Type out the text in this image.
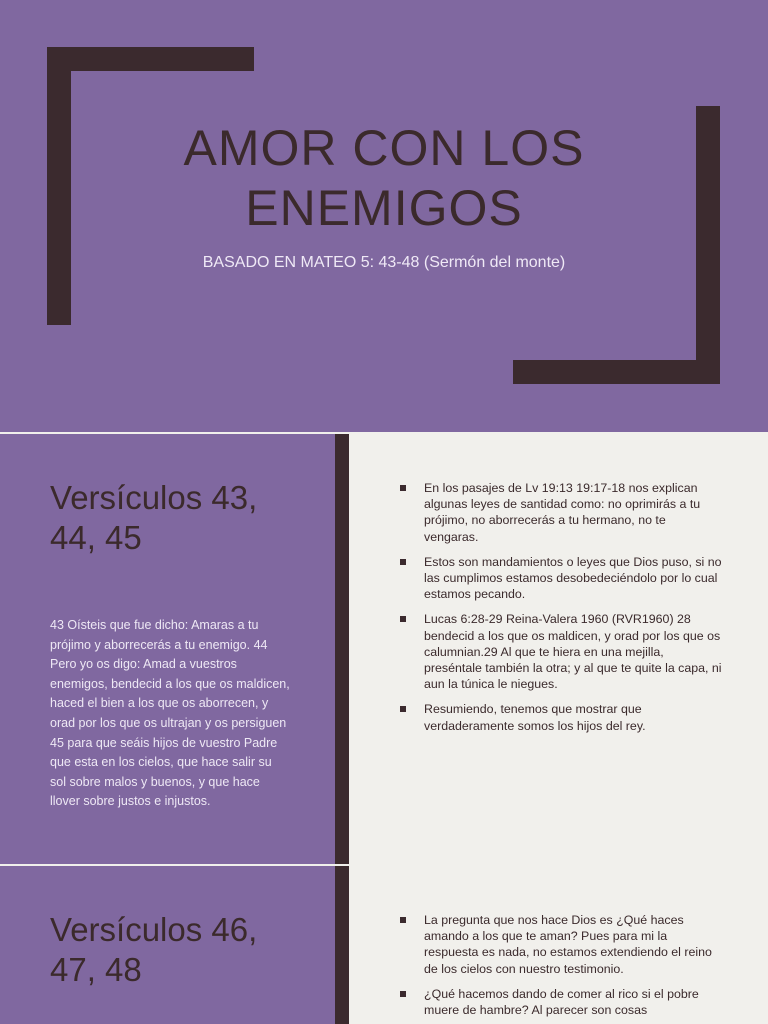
AMOR CON LOS
ENEMIGOS
BASADO EN MATEO 5: 43-48 (Sermón del monte)
Versículos 43,
44, 45
43 Oísteis que fue dicho: Amaras a tu prójimo y aborrecerás a tu enemigo. 44 Pero yo os digo: Amad a vuestros enemigos, bendecid a los que os maldicen, haced el bien a los que os aborrecen, y orad por los que os ultrajan y os persiguen 45 para que seáis hijos de vuestro Padre que esta en los cielos, que hace salir su sol sobre malos y buenos, y que hace llover sobre justos e injustos.
En los pasajes de Lv 19:13 19:17-18 nos explican algunas leyes de santidad como: no oprimirás a tu prójimo, no aborrecerás a tu hermano, no te vengaras.
Estos son mandamientos o leyes que Dios puso, si no las cumplimos estamos desobedeciéndolo por lo cual estamos pecando.
Lucas 6:28-29 Reina-Valera 1960 (RVR1960) 28 bendecid a los que os maldicen, y orad por los que os calumnian.29 Al que te hiera en una mejilla, preséntale también la otra; y al que te quite la capa, ni aun la túnica le niegues.
Resumiendo, tenemos que mostrar que verdaderamente somos los hijos del rey.
Versículos 46,
47, 48
La pregunta que nos hace Dios es ¿Qué haces amando a los que te aman? Pues para mi la respuesta es nada, no estamos extendiendo el reino de los cielos con nuestro testimonio.
¿Qué hacemos dando de comer al rico si el pobre muere de hambre? Al parecer son cosas
